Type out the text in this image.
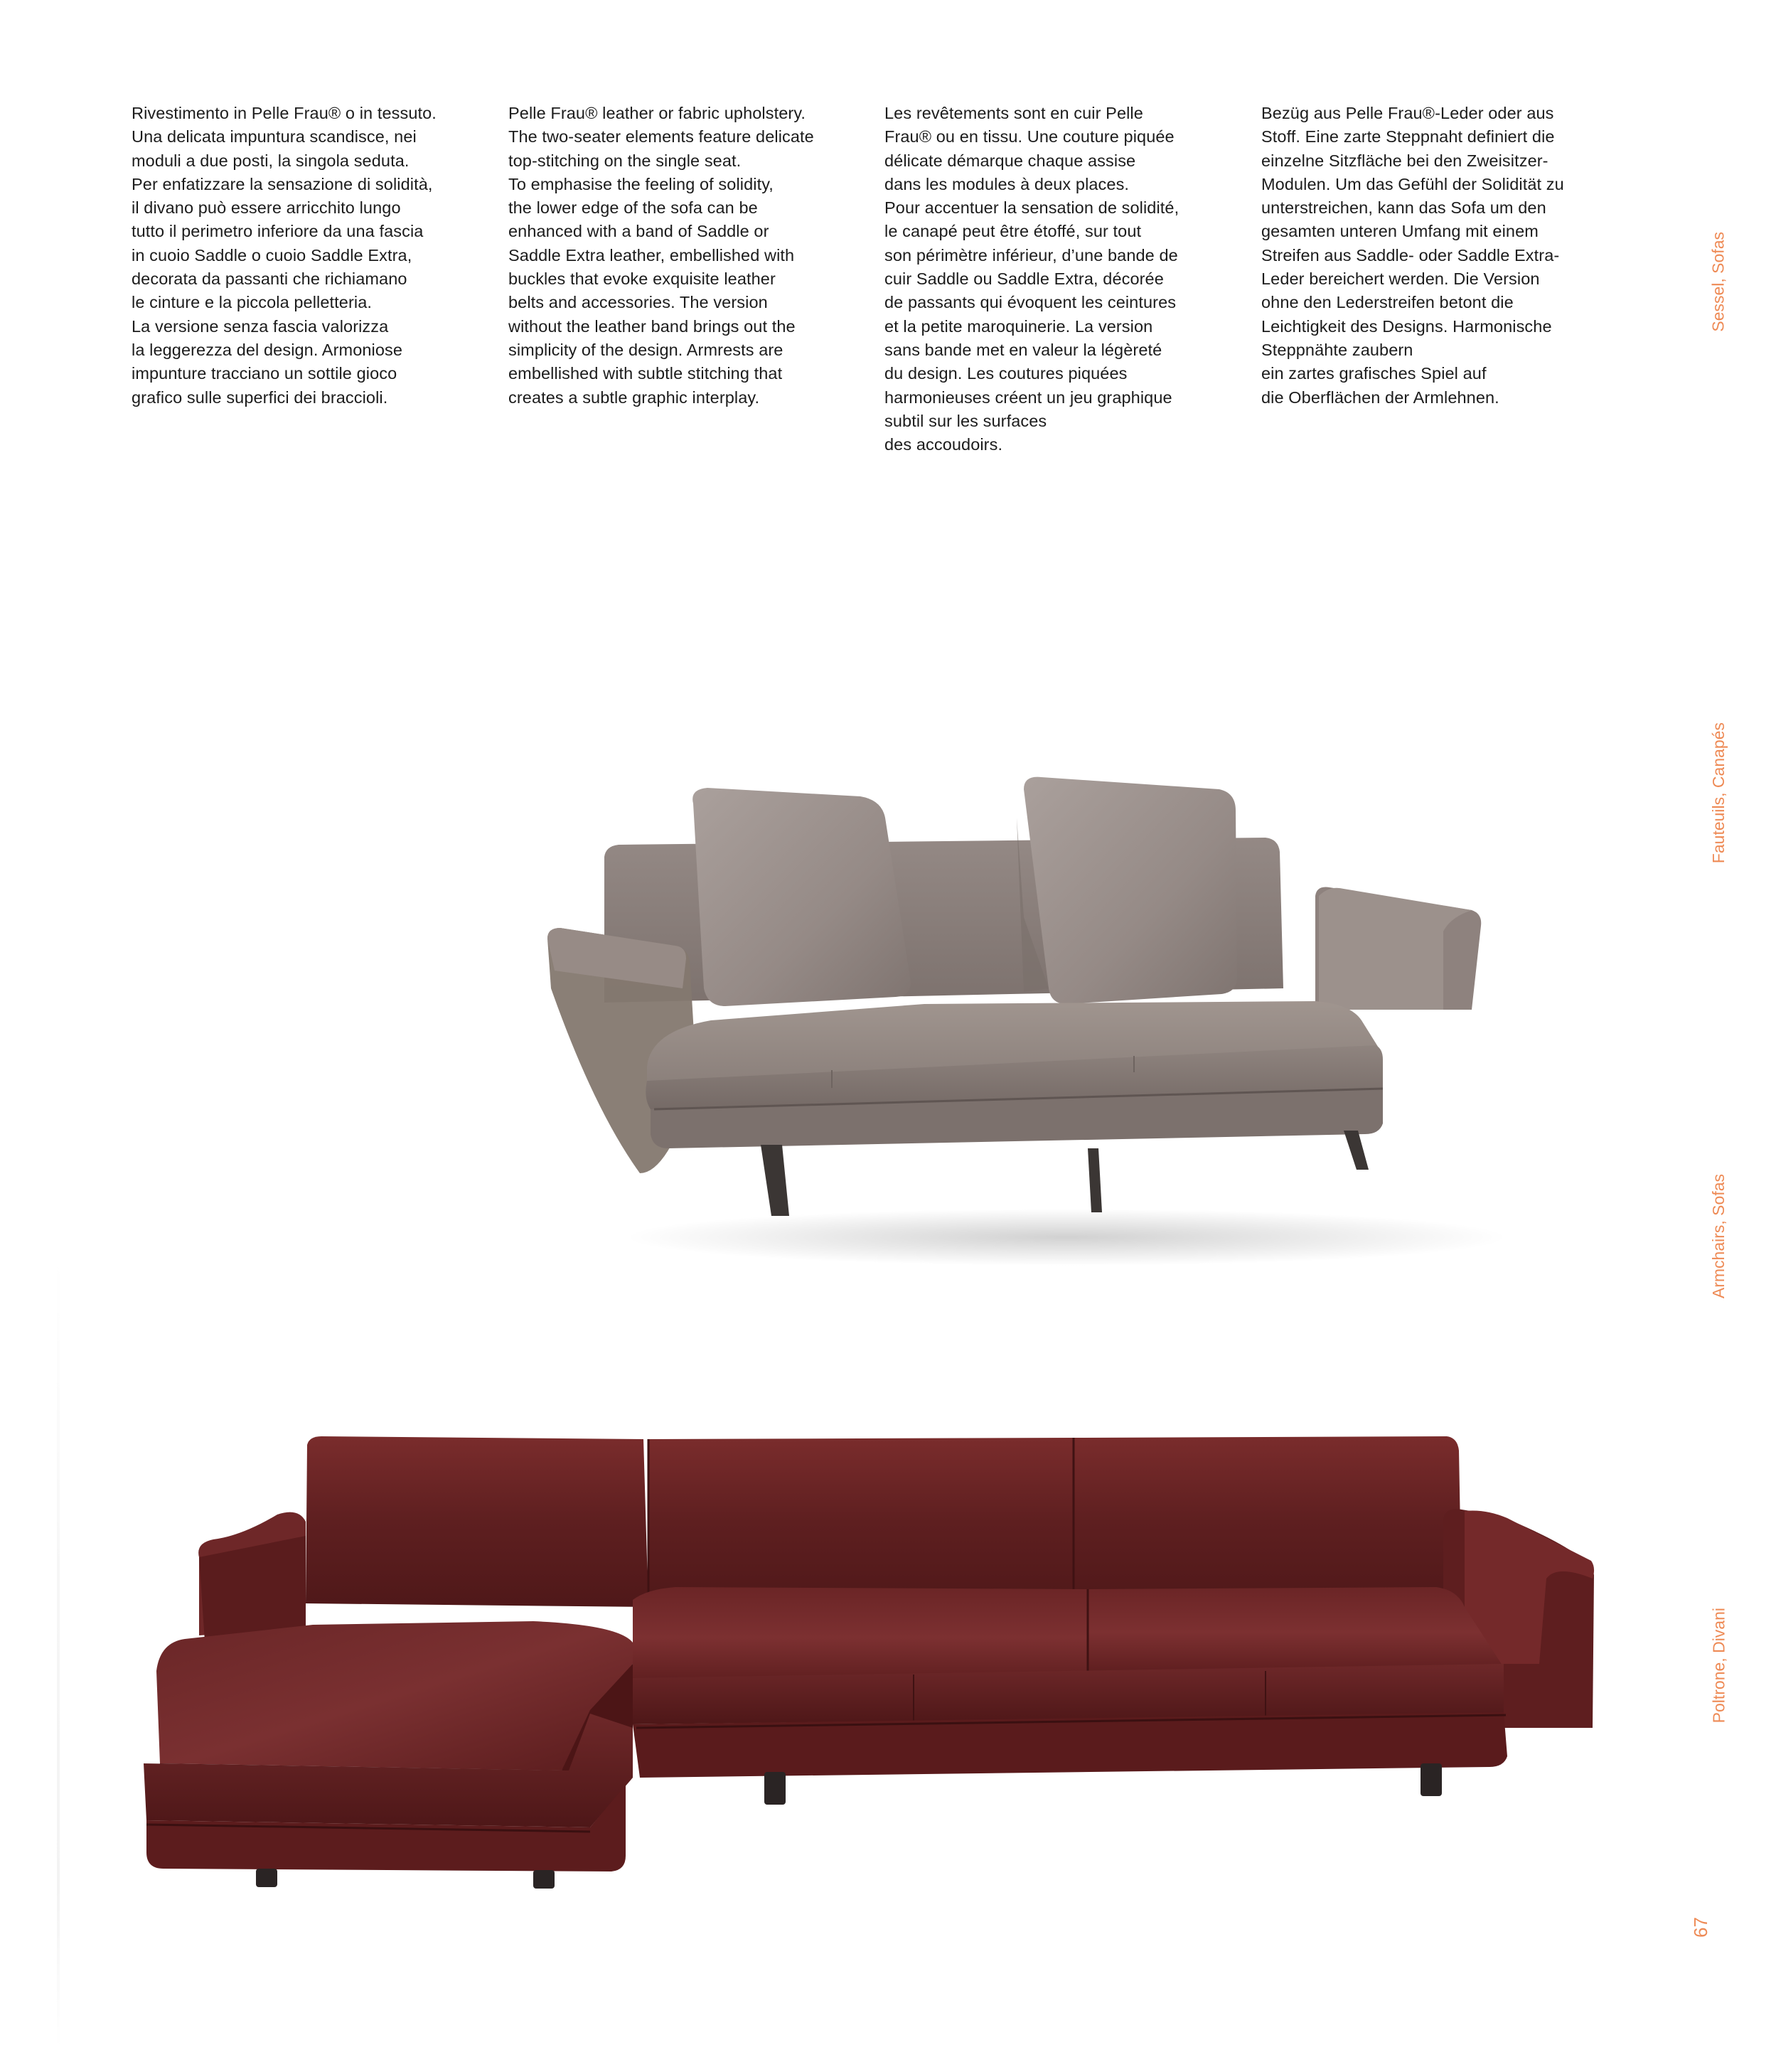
Rivestimento in Pelle Frau® o in tessuto.
Una delicata impuntura scandisce, nei
moduli a due posti, la singola seduta.
Per enfatizzare la sensazione di solidità,
il divano può essere arricchito lungo
tutto il perimetro inferiore da una fascia
in cuoio Saddle o cuoio Saddle Extra,
decorata da passanti che richiamano
le cinture e la piccola pelletteria.
La versione senza fascia valorizza
la leggerezza del design. Armoniose
impunture tracciano un sottile gioco
grafico sulle superfici dei braccioli.
Pelle Frau® leather or fabric upholstery.
The two-seater elements feature delicate
top-stitching on the single seat.
To emphasise the feeling of solidity,
the lower edge of the sofa can be
enhanced with a band of Saddle or
Saddle Extra leather, embellished with
buckles that evoke exquisite leather
belts and accessories. The version
without the leather band brings out the
simplicity of the design. Armrests are
embellished with subtle stitching that
creates a subtle graphic interplay.
Les revêtements sont en cuir Pelle
Frau® ou en tissu. Une couture piquée
délicate démarque chaque assise
dans les modules à deux places.
Pour accentuer la sensation de solidité,
le canapé peut être étoffé, sur tout
son périmètre inférieur, d’une bande de
cuir Saddle ou Saddle Extra, décorée
de passants qui évoquent les ceintures
et la petite maroquinerie. La version
sans bande met en valeur la légèreté
du design. Les coutures piquées
harmonieuses créent un jeu graphique
subtil sur les surfaces
des accoudoirs.
Bezüg aus Pelle Frau®-Leder oder aus
Stoff. Eine zarte Steppnaht definiert die
einzelne Sitzfläche bei den Zweisitzer-
Modulen. Um das Gefühl der Solidität zu
unterstreichen, kann das Sofa um den
gesamten unteren Umfang mit einem
Streifen aus Saddle- oder Saddle Extra-
Leder bereichert werden. Die Version
ohne den Lederstreifen betont die
Leichtigkeit des Designs. Harmonische
Steppnähte zaubern
ein zartes grafisches Spiel auf
die Oberflächen der Armlehnen.
Sessel, Sofas
Fauteuils, Canapés
Armchairs, Sofas
Poltrone, Divani
67
